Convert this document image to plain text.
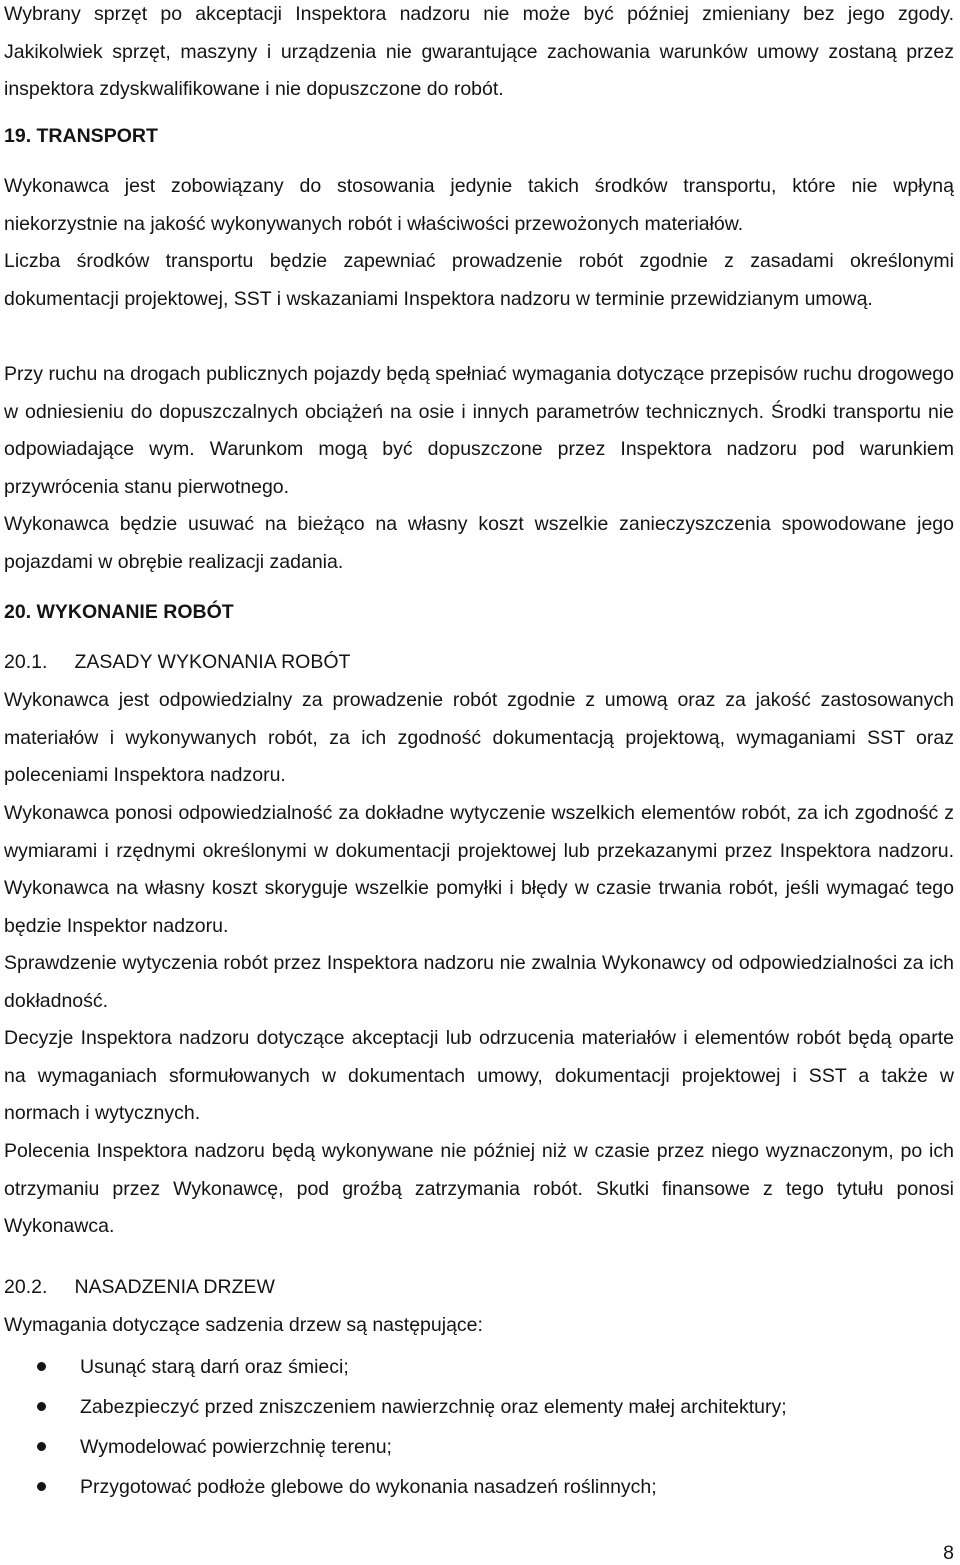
Wybrany sprzęt po akceptacji Inspektora nadzoru nie może być później zmieniany bez jego zgody. Jakikolwiek sprzęt, maszyny i urządzenia nie gwarantujące zachowania warunków umowy zostaną przez inspektora zdyskwalifikowane i nie dopuszczone do robót.

19. TRANSPORT

Wykonawca jest zobowiązany do stosowania jedynie takich środków transportu, które nie wpłyną niekorzystnie na jakość wykonywanych robót i właściwości przewożonych materiałów.

Liczba środków transportu będzie zapewniać prowadzenie robót zgodnie z zasadami określonymi dokumentacji projektowej, SST i wskazaniami Inspektora nadzoru w terminie przewidzianym umową.

Przy ruchu na drogach publicznych pojazdy będą spełniać wymagania dotyczące przepisów ruchu drogowego w odniesieniu do dopuszczalnych obciążeń na osie i innych parametrów technicznych. Środki transportu nie odpowiadające wym. Warunkom mogą być dopuszczone przez Inspektora nadzoru pod warunkiem przywrócenia stanu pierwotnego.

Wykonawca będzie usuwać na bieżąco na własny koszt wszelkie zanieczyszczenia spowodowane jego pojazdami w obrębie realizacji zadania.

20. WYKONANIE ROBÓT

20.1.     ZASADY WYKONANIA ROBÓT

Wykonawca jest odpowiedzialny za prowadzenie robót zgodnie z umową oraz za jakość zastosowanych materiałów i wykonywanych robót, za ich zgodność dokumentacją projektową, wymaganiami SST oraz poleceniami Inspektora nadzoru.

Wykonawca ponosi odpowiedzialność za dokładne wytyczenie wszelkich elementów robót, za ich zgodność z wymiarami i rzędnymi określonymi w dokumentacji projektowej lub przekazanymi przez Inspektora nadzoru. Wykonawca na własny koszt skoryguje wszelkie pomyłki i błędy w czasie trwania robót, jeśli wymagać tego będzie Inspektor nadzoru.

Sprawdzenie wytyczenia robót przez Inspektora nadzoru nie zwalnia Wykonawcy od odpowiedzialności za ich dokładność.

Decyzje Inspektora nadzoru dotyczące akceptacji lub odrzucenia materiałów i elementów robót będą oparte na wymaganiach sformułowanych w dokumentach umowy, dokumentacji projektowej i SST a także w normach i wytycznych.

Polecenia Inspektora nadzoru będą wykonywane nie później niż w czasie przez niego wyznaczonym, po ich otrzymaniu przez Wykonawcę, pod groźbą zatrzymania robót. Skutki finansowe z tego tytułu ponosi Wykonawca.

20.2.     NASADZENIA DRZEW

Wymagania dotyczące sadzenia drzew są następujące:

Usunąć starą darń oraz śmieci;
Zabezpieczyć przed zniszczeniem nawierzchnię oraz elementy małej architektury;
Wymodelować powierzchnię terenu;
Przygotować podłoże glebowe do wykonania nasadzeń roślinnych;
8
